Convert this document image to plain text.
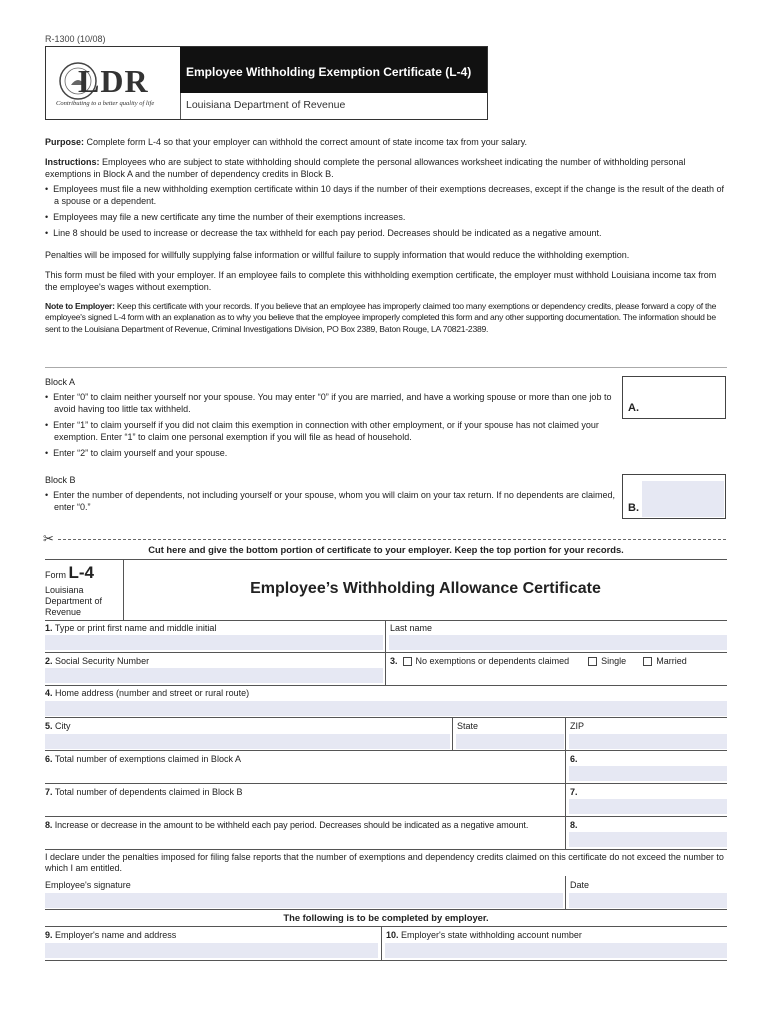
R-1300 (10/08)
LDR
Contributing to a better quality of life
Employee Withholding Exemption Certificate (L-4)
Louisiana Department of Revenue

Purpose: Complete form L-4 so that your employer can withhold the correct amount of state income tax from your salary.

Instructions: Employees who are subject to state withholding should complete the personal allowances worksheet indicating the number of withholding personal exemptions in Block A and the number of dependency credits in Block B.

•  Employees must file a new withholding exemption certificate within 10 days if the number of their exemptions decreases, except if the change is the result of the death of a spouse or a dependent.

•  Employees may file a new certificate any time the number of their exemptions increases.

•  Line 8 should be used to increase or decrease the tax withheld for each pay period. Decreases should be indicated as a negative amount.

Penalties will be imposed for willfully supplying false information or willful failure to supply information that would reduce the withholding exemption.

This form must be filed with your employer. If an employee fails to complete this withholding exemption certificate, the employer must withhold Louisiana income tax from the employee's wages without exemption.

Note to Employer: Keep this certificate with your records. If you believe that an employee has improperly claimed too many exemptions or dependency credits, please forward a copy of the employee's signed L-4 form with an explanation as to why you believe that the employee improperly completed this form and any other supporting documentation. The information should be sent to the Louisiana Department of Revenue, Criminal Investigations Division, PO Box 2389, Baton Rouge, LA 70821-2389.

Block A

•  Enter “0” to claim neither yourself nor your spouse. You may enter “0” if you are married, and have a working spouse or more than one job to avoid having too little tax withheld.

•  Enter “1” to claim yourself if you did not claim this exemption in connection with other employment, or if your spouse has not claimed your exemption. Enter “1” to claim one personal exemption if you will file as head of household.

•  Enter “2” to claim yourself and your spouse.

A.

Block B

•  Enter the number of dependents, not including yourself or your spouse, whom you will claim on your tax return. If no dependents are claimed, enter “0.”	B.
✂
Cut here and give the bottom portion of certificate to your employer. Keep the top portion for your records.
Form L-4
Louisiana Department of Revenue
Employee’s Withholding Allowance Certificate
1. Type or print first name and middle initial	Last name
2. Social Security Number	3. No exemptions or dependents claimed	Single	Married
4. Home address (number and street or rural route)
5. City	State	ZIP
6. Total number of exemptions claimed in Block A	6.
7. Total number of dependents claimed in Block B	7.
8. Increase or decrease in the amount to be withheld each pay period. Decreases should be indicated as a negative amount.	8.
I declare under the penalties imposed for filing false reports that the number of exemptions and dependency credits claimed on this certificate do not exceed the number to which I am entitled.
Employee's signature	Date
The following is to be completed by employer.
9. Employer's name and address	10. Employer's state withholding account number
